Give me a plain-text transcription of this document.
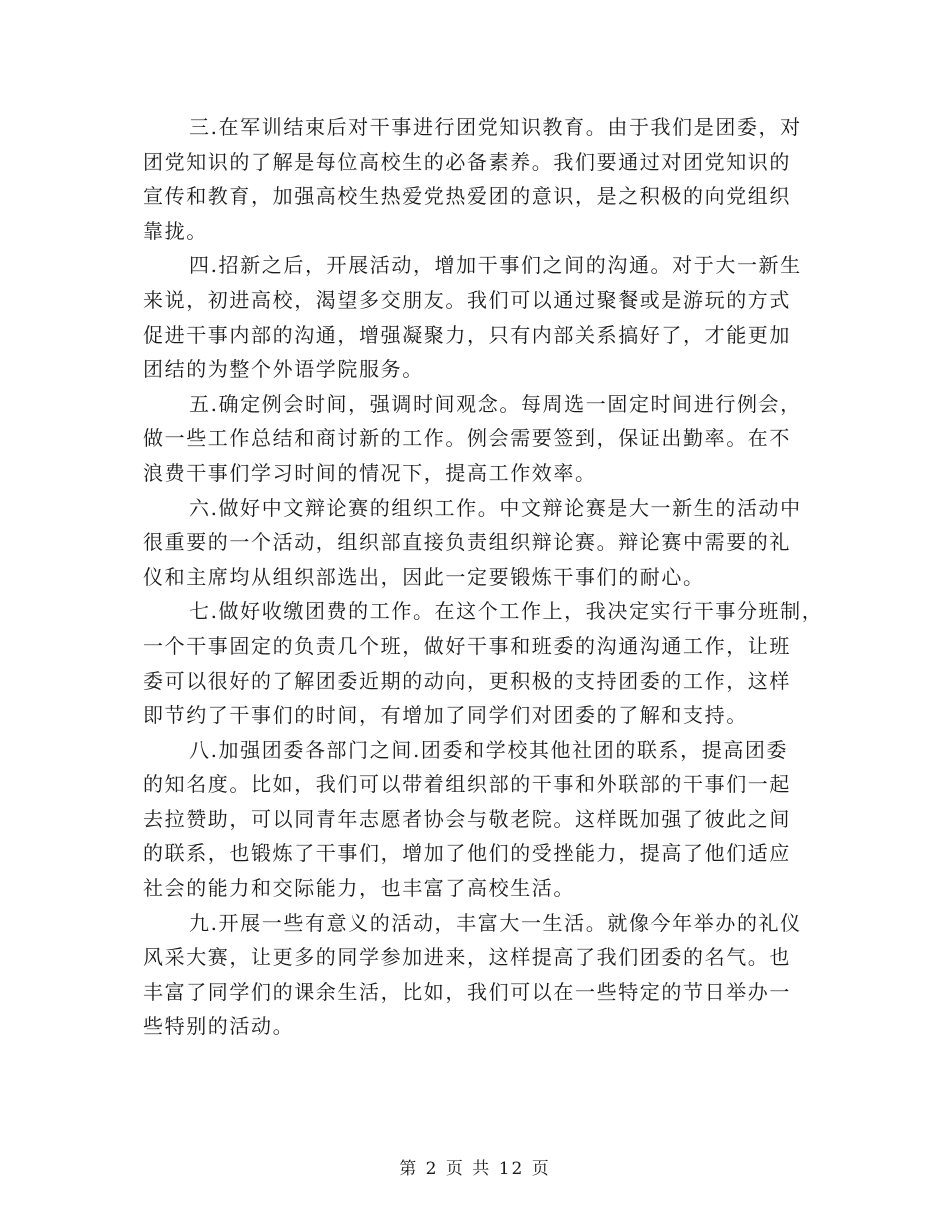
三.在军训结束后对干事进行团党知识教育。由于我们是团委，对
团党知识的了解是每位高校生的必备素养。我们要通过对团党知识的
宣传和教育，加强高校生热爱党热爱团的意识，是之积极的向党组织
靠拢。
四.招新之后，开展活动，增加干事们之间的沟通。对于大一新生
来说，初进高校，渴望多交朋友。我们可以通过聚餐或是游玩的方式
促进干事内部的沟通，增强凝聚力，只有内部关系搞好了，才能更加
团结的为整个外语学院服务。
五.确定例会时间，强调时间观念。每周选一固定时间进行例会，
做一些工作总结和商讨新的工作。例会需要签到，保证出勤率。在不
浪费干事们学习时间的情况下，提高工作效率。
六.做好中文辩论赛的组织工作。中文辩论赛是大一新生的活动中
很重要的一个活动，组织部直接负责组织辩论赛。辩论赛中需要的礼
仪和主席均从组织部选出，因此一定要锻炼干事们的耐心。
七.做好收缴团费的工作。在这个工作上，我决定实行干事分班制，
一个干事固定的负责几个班，做好干事和班委的沟通沟通工作，让班
委可以很好的了解团委近期的动向，更积极的支持团委的工作，这样
即节约了干事们的时间，有增加了同学们对团委的了解和支持。
八.加强团委各部门之间.团委和学校其他社团的联系，提高团委
的知名度。比如，我们可以带着组织部的干事和外联部的干事们一起
去拉赞助，可以同青年志愿者协会与敬老院。这样既加强了彼此之间
的联系，也锻炼了干事们，增加了他们的受挫能力，提高了他们适应
社会的能力和交际能力，也丰富了高校生活。
九.开展一些有意义的活动，丰富大一生活。就像今年举办的礼仪
风采大赛，让更多的同学参加进来，这样提高了我们团委的名气。也
丰富了同学们的课余生活，比如，我们可以在一些特定的节日举办一
些特别的活动。
第 2 页 共 12 页
